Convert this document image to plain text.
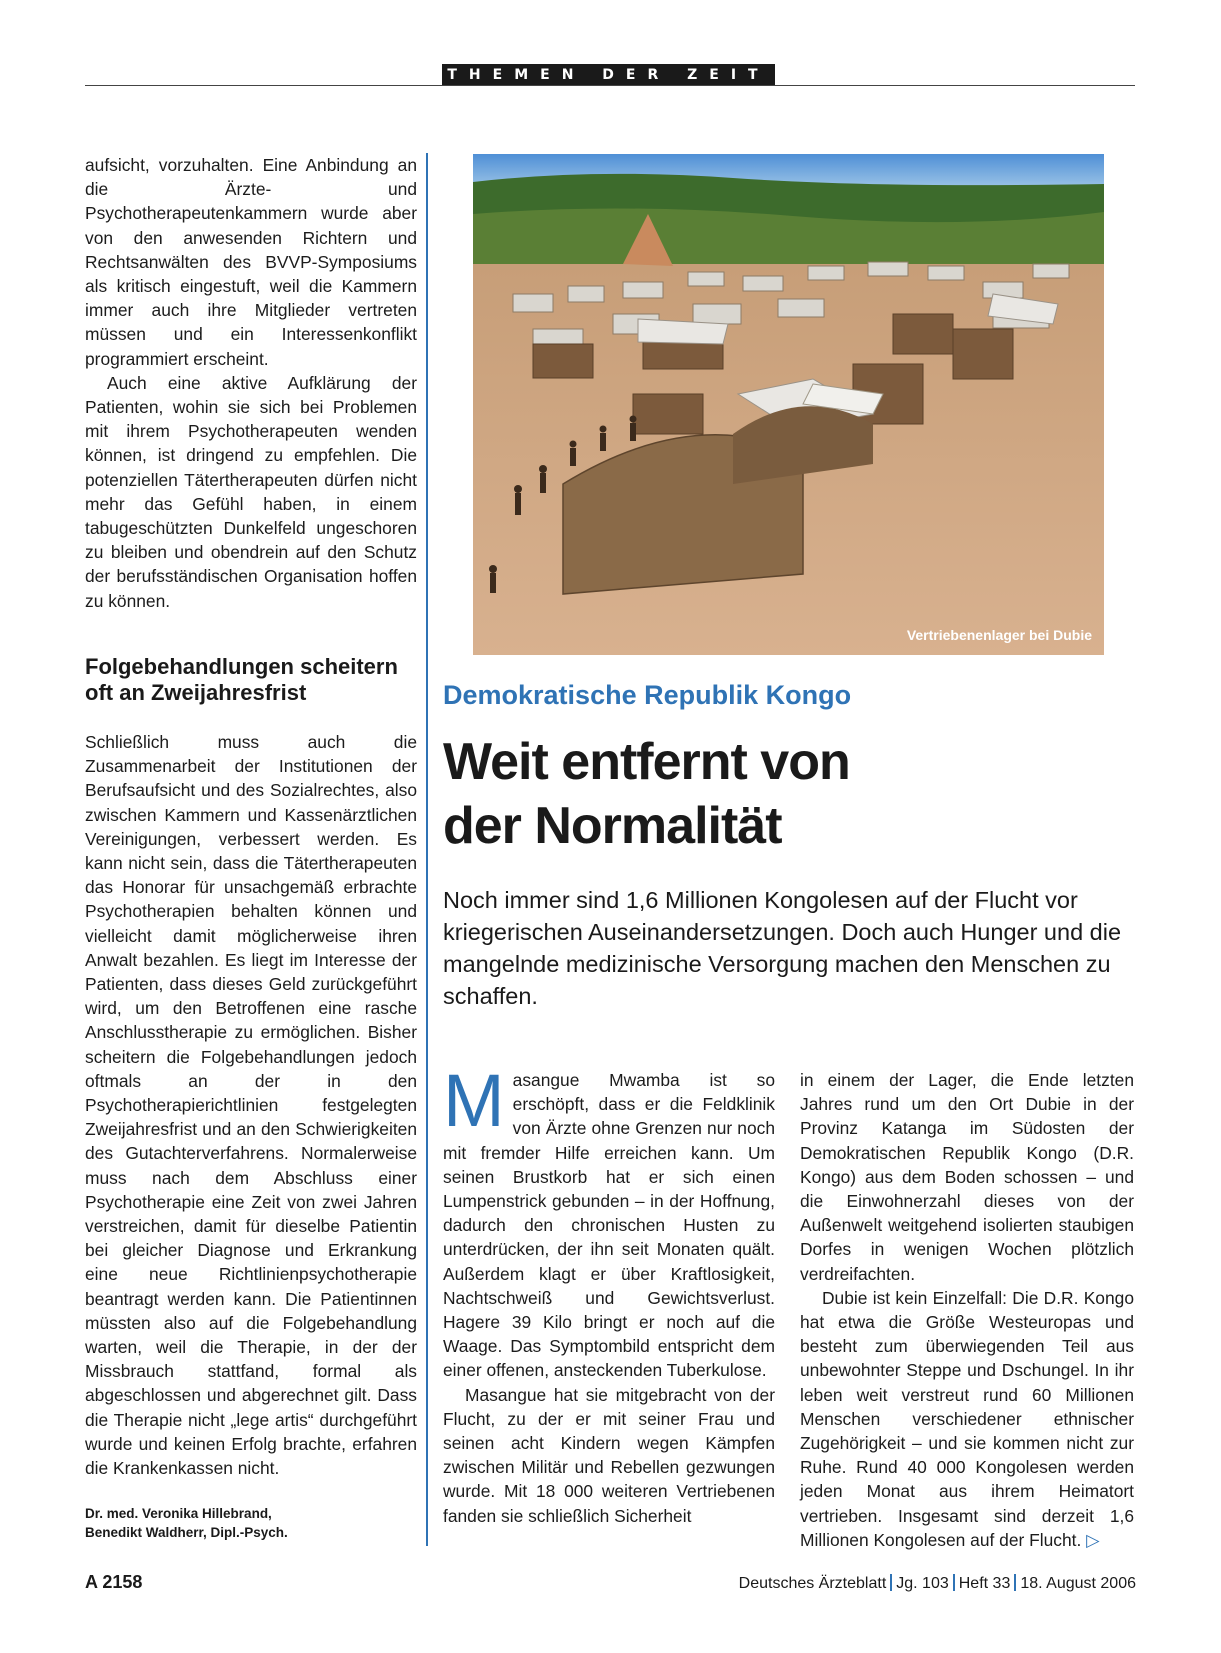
THEMEN DER ZEIT

aufsicht, vorzuhalten. Eine Anbindung an die Ärzte- und Psychotherapeutenkammern wurde aber von den anwesenden Richtern und Rechtsanwälten des BVVP-Symposiums als kritisch eingestuft, weil die Kammern immer auch ihre Mitglieder vertreten müssen und ein Interessenkonflikt programmiert erscheint.

Auch eine aktive Aufklärung der Patienten, wohin sie sich bei Problemen mit ihrem Psychotherapeuten wenden können, ist dringend zu empfehlen. Die potenziellen Tätertherapeuten dürfen nicht mehr das Gefühl haben, in einem tabugeschützten Dunkelfeld ungeschoren zu bleiben und obendrein auf den Schutz der berufsständischen Organisation hoffen zu können.

Folgebehandlungen scheitern oft an Zweijahresfrist

Schließlich muss auch die Zusammenarbeit der Institutionen der Berufsaufsicht und des Sozialrechtes, also zwischen Kammern und Kassenärztlichen Vereinigungen, verbessert werden. Es kann nicht sein, dass die Tätertherapeuten das Honorar für unsachgemäß erbrachte Psychotherapien behalten können und vielleicht damit möglicherweise ihren Anwalt bezahlen. Es liegt im Interesse der Patienten, dass dieses Geld zurückgeführt wird, um den Betroffenen eine rasche Anschlusstherapie zu ermöglichen. Bisher scheitern die Folgebehandlungen jedoch oftmals an der in den Psychotherapierichtlinien festgelegten Zweijahresfrist und an den Schwierigkeiten des Gutachterverfahrens. Normalerweise muss nach dem Abschluss einer Psychotherapie eine Zeit von zwei Jahren verstreichen, damit für dieselbe Patientin bei gleicher Diagnose und Erkrankung eine neue Richtlinienpsychotherapie beantragt werden kann. Die Patientinnen müssten also auf die Folgebehandlung warten, weil die Therapie, in der der Missbrauch stattfand, formal als abgeschlossen und abgerechnet gilt. Dass die Therapie nicht „lege artis“ durchgeführt wurde und keinen Erfolg brachte, erfahren die Krankenkassen nicht.

Dr. med. Veronika Hillebrand,
Benedikt Waldherr, Dipl.-Psych.
Vertriebenenlager bei Dubie
Demokratische Republik Kongo
Weit entfernt von
der Normalität
Noch immer sind 1,6 Millionen Kongolesen auf der Flucht vor kriegerischen Auseinandersetzungen. Doch auch Hunger und die mangelnde medizinische Versorgung machen den Menschen zu schaffen.

Masangue Mwamba ist so erschöpft, dass er die Feldklinik von Ärzte ohne Grenzen nur noch mit fremder Hilfe erreichen kann. Um seinen Brustkorb hat er sich einen Lumpenstrick gebunden – in der Hoffnung, dadurch den chronischen Husten zu unterdrücken, der ihn seit Monaten quält. Außerdem klagt er über Kraftlosigkeit, Nachtschweiß und Gewichtsverlust. Hagere 39 Kilo bringt er noch auf die Waage. Das Symptombild entspricht dem einer offenen, ansteckenden Tuberkulose.

Masangue hat sie mitgebracht von der Flucht, zu der er mit seiner Frau und seinen acht Kindern wegen Kämpfen zwischen Militär und Rebellen gezwungen wurde. Mit 18 000 weiteren Vertriebenen fanden sie schließlich Sicherheit

in einem der Lager, die Ende letzten Jahres rund um den Ort Dubie in der Provinz Katanga im Südosten der Demokratischen Republik Kongo (D.R. Kongo) aus dem Boden schossen – und die Einwohnerzahl dieses von der Außenwelt weitgehend isolierten staubigen Dorfes in wenigen Wochen plötzlich verdreifachten.

Dubie ist kein Einzelfall: Die D.R. Kongo hat etwa die Größe Westeuropas und besteht zum überwiegenden Teil aus unbewohnter Steppe und Dschungel. In ihr leben weit verstreut rund 60 Millionen Menschen verschiedener ethnischer Zugehörigkeit – und sie kommen nicht zur Ruhe. Rund 40 000 Kongolesen werden jeden Monat aus ihrem Heimatort vertrieben. Insgesamt sind derzeit 1,6 Millionen Kongolesen auf der Flucht. ▷

A 2158	Deutsches Ärzteblatt Jg. 103 Heft 33 18. August 2006
